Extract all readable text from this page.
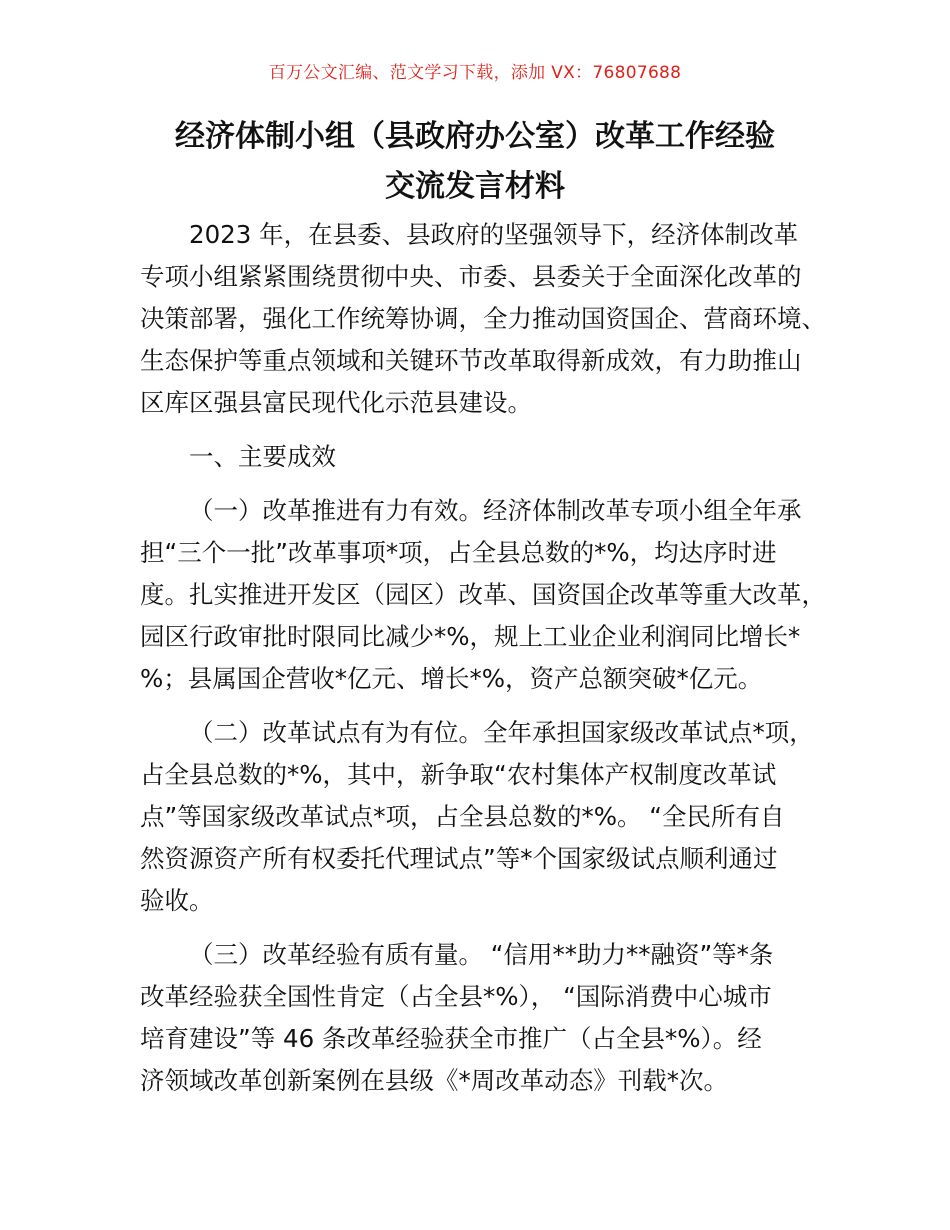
百万公文汇编、范文学习下载，添加 VX：76807688
经济体制小组（县政府办公室）改革工作经验
交流发言材料
2023 年，在县委、县政府的坚强领导下，经济体制改革
专项小组紧紧围绕贯彻中央、市委、县委关于全面深化改革的
决策部署，强化工作统筹协调，全力推动国资国企、营商环境、
生态保护等重点领域和关键环节改革取得新成效，有力助推山
区库区强县富民现代化示范县建设。
一、主要成效
（一）改革推进有力有效。经济体制改革专项小组全年承
担“三个一批”改革事项*项，占全县总数的*%，均达序时进
度。扎实推进开发区（园区）改革、国资国企改革等重大改革，
园区行政审批时限同比减少*%，规上工业企业利润同比增长*
%；县属国企营收*亿元、增长*%，资产总额突破*亿元。
（二）改革试点有为有位。全年承担国家级改革试点*项，
占全县总数的*%，其中，新争取“农村集体产权制度改革试
点”等国家级改革试点*项，占全县总数的*%。 “全民所有自
然资源资产所有权委托代理试点”等*个国家级试点顺利通过
验收。
（三）改革经验有质有量。 “信用**助力**融资”等*条
改革经验获全国性肯定（占全县*%）， “国际消费中心城市
培育建设”等 46 条改革经验获全市推广（占全县*%）。经
济领域改革创新案例在县级《*周改革动态》刊载*次。
